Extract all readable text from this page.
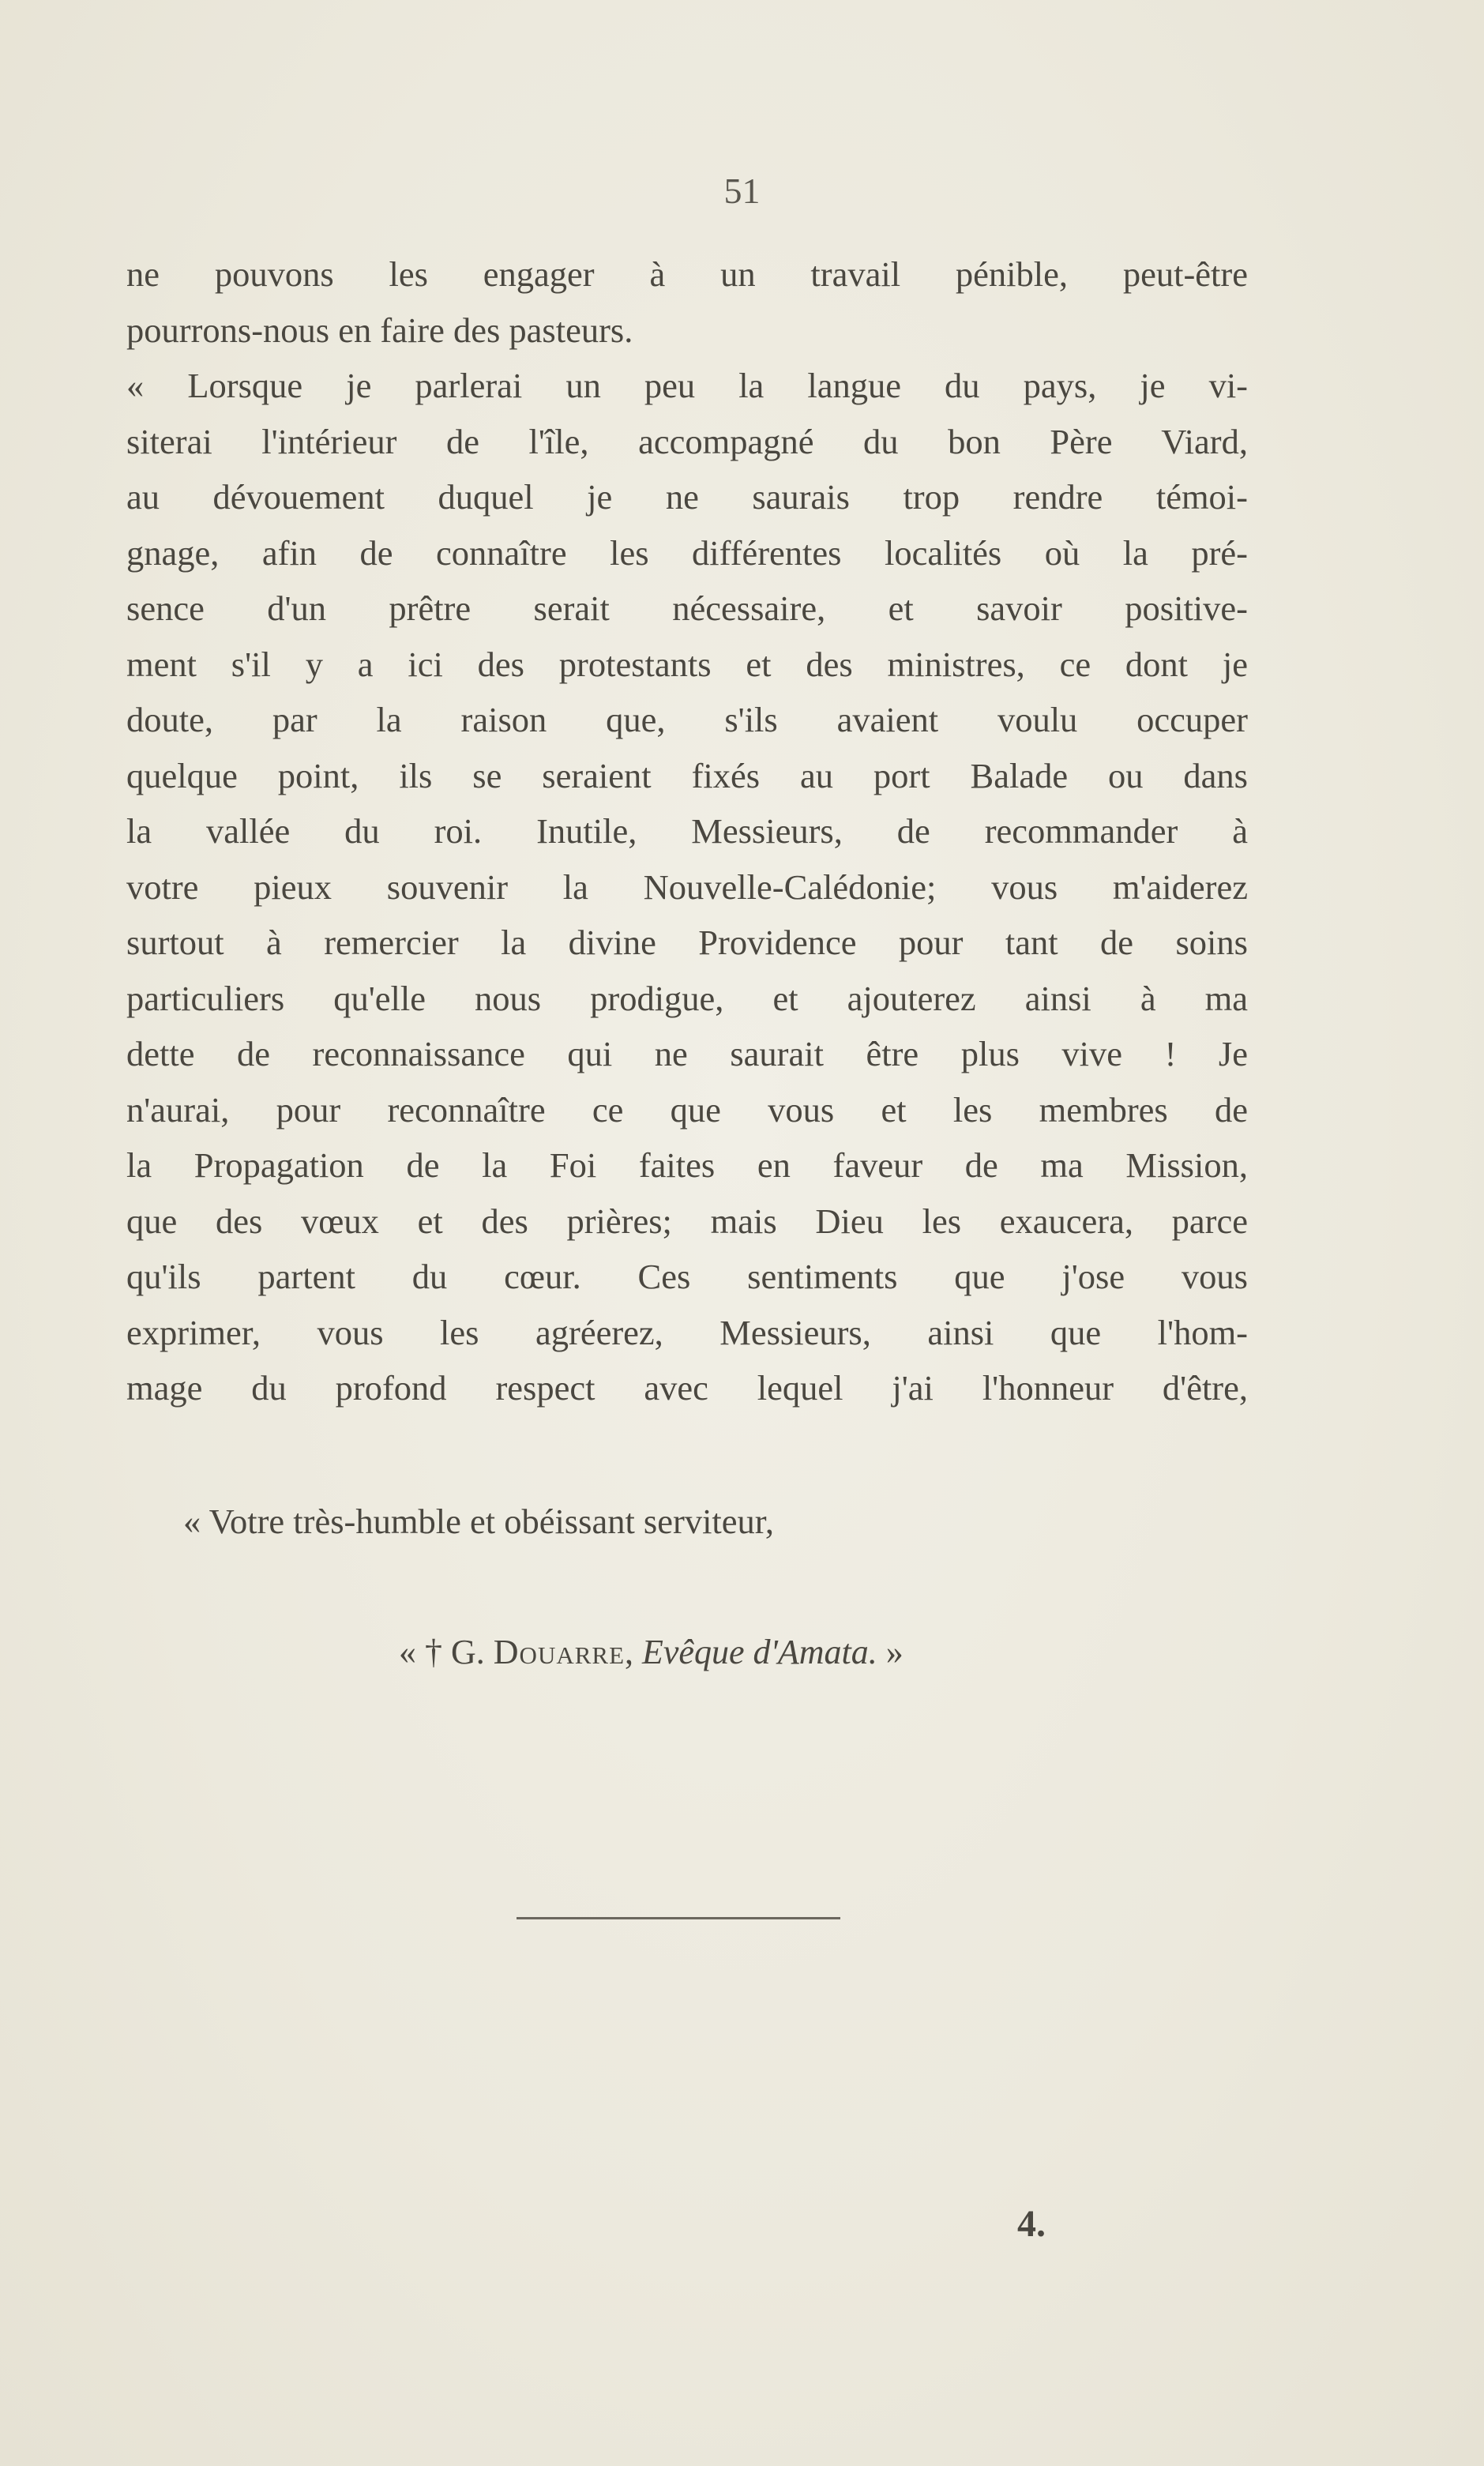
51
ne pouvons les engager à un travail pénible, peut-être
pourrons-nous en faire des pasteurs.
« Lorsque je parlerai un peu la langue du pays, je vi-
siterai l'intérieur de l'île, accompagné du bon Père Viard,
au dévouement duquel je ne saurais trop rendre témoi-
gnage, afin de connaître les différentes localités où la pré-
sence d'un prêtre serait nécessaire, et savoir positive-
ment s'il y a ici des protestants et des ministres, ce dont je
doute, par la raison que, s'ils avaient voulu occuper
quelque point, ils se seraient fixés au port Balade ou dans
la vallée du roi. Inutile, Messieurs, de recommander à
votre pieux souvenir la Nouvelle-Calédonie; vous m'aiderez
surtout à remercier la divine Providence pour tant de soins
particuliers qu'elle nous prodigue, et ajouterez ainsi à ma
dette de reconnaissance qui ne saurait être plus vive ! Je
n'aurai, pour reconnaître ce que vous et les membres de
la Propagation de la Foi faites en faveur de ma Mission,
que des vœux et des prières; mais Dieu les exaucera, parce
qu'ils partent du cœur. Ces sentiments que j'ose vous
exprimer, vous les agréerez, Messieurs, ainsi que l'hom-
mage du profond respect avec lequel j'ai l'honneur d'être,
« Votre très-humble et obéissant serviteur,
« † G. Douarre, Evêque d'Amata. »
4.
